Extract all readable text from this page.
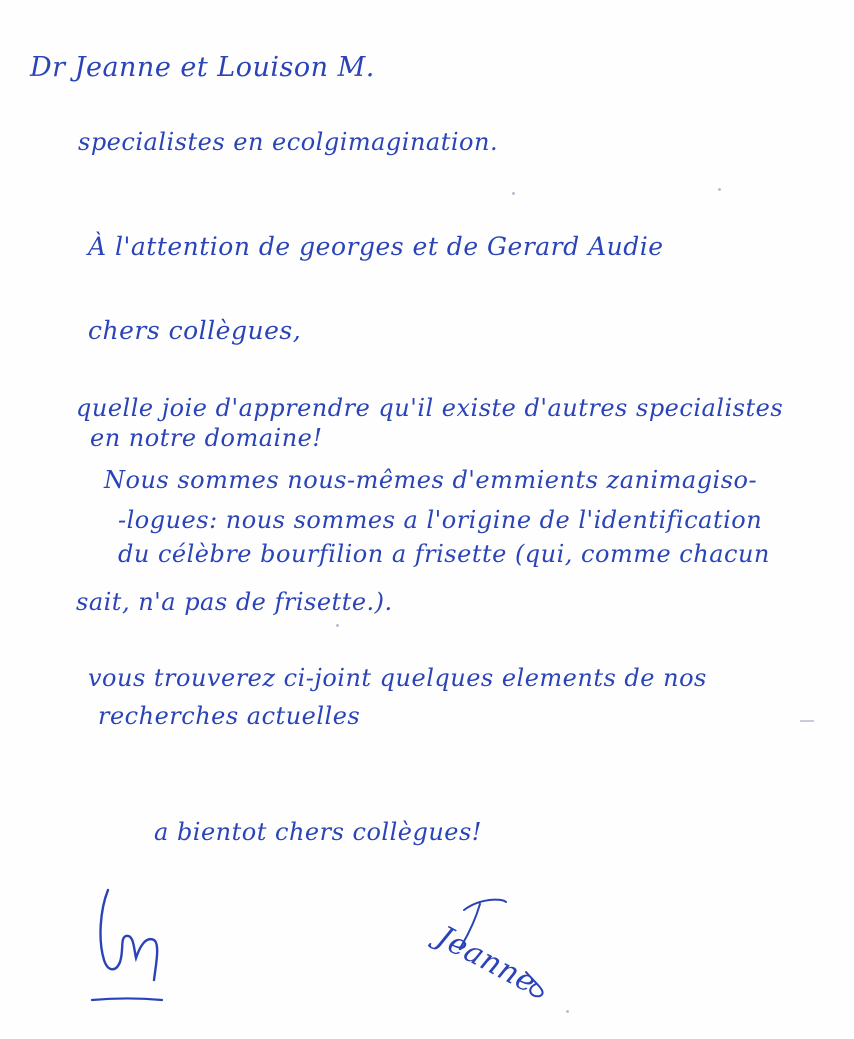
Dr Jeanne et Louison M.
specialistes en ecolgimagination.
À l'attention de georges et de Gerard Audie
chers collègues,
quelle joie d'apprendre qu'il existe d'autres specialistes
en notre domaine!
Nous sommes nous-mêmes d'emmients zanimagiso-
-logues: nous sommes a l'origine de l'identification
du célèbre bourfilion a frisette (qui, comme chacun
sait, n'a pas de frisette.).
vous trouverez ci-joint quelques elements de nos
recherches actuelles
a bientot chers collègues!
Jeanne
